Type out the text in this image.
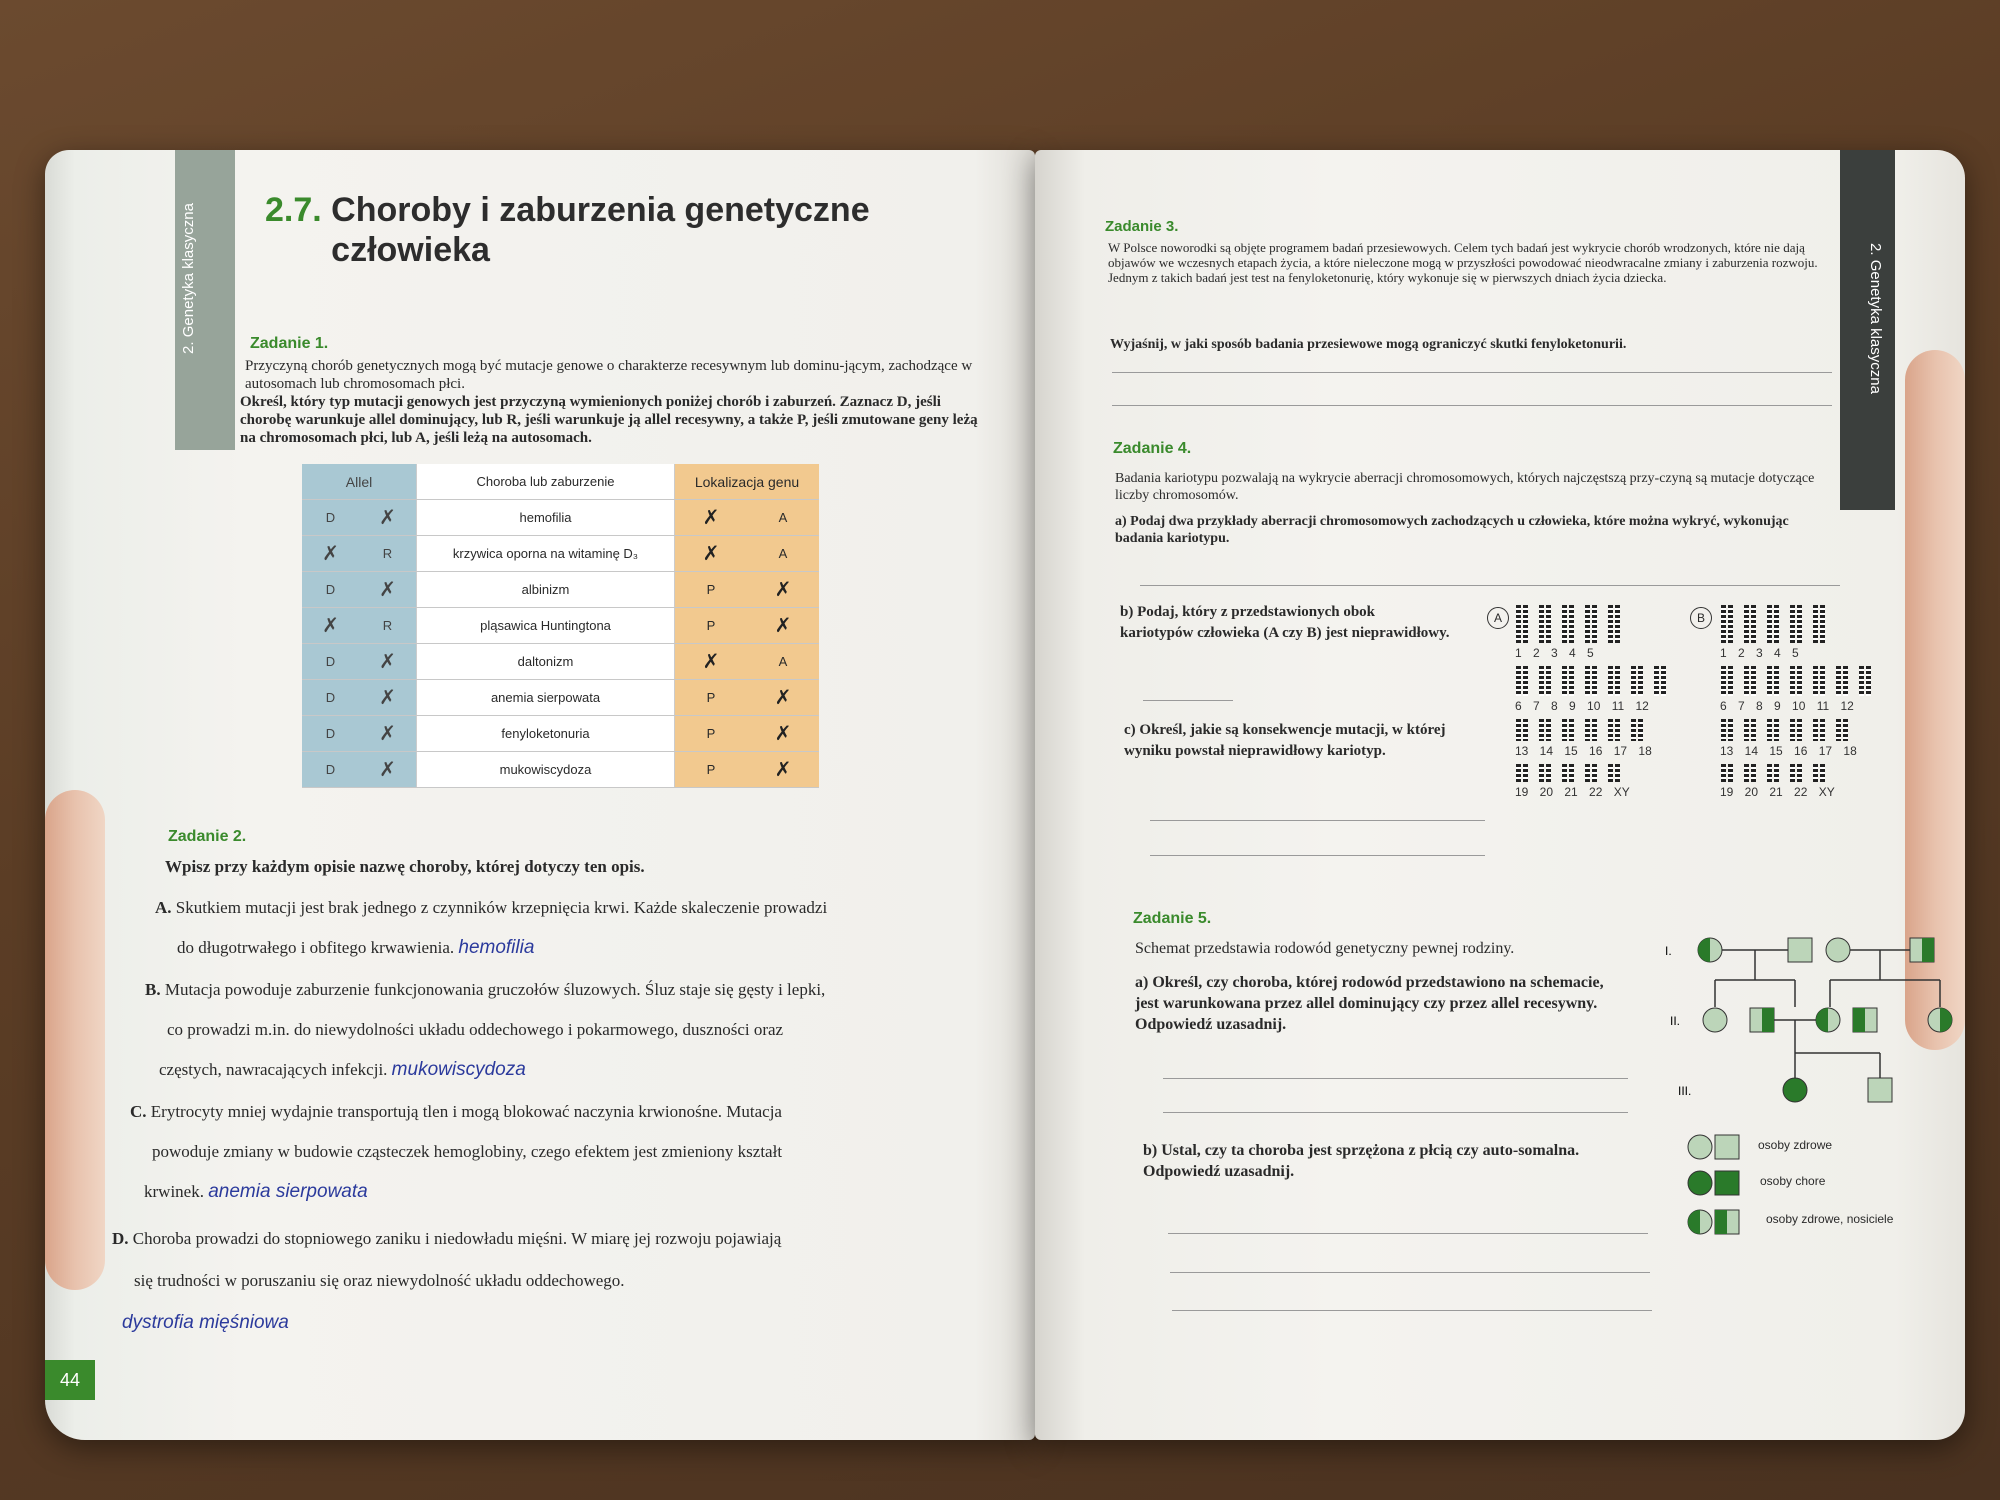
2. Genetyka klasyczna
44
2.7. Choroby i zaburzenia genetyczne człowieka
Zadanie 1.
Przyczyną chorób genetycznych mogą być mutacje genowe o charakterze recesywnym lub dominu-jącym, zachodzące w autosomach lub chromosomach płci.
Określ, który typ mutacji genowych jest przyczyną wymienionych poniżej chorób i zaburzeń. Zaznacz D, jeśli chorobę warunkuje allel dominujący, lub R, jeśli warunkuje ją allel recesywny, a także P, jeśli zmutowane geny leżą na chromosomach płci, lub A, jeśli leżą na autosomach.
Allel		Choroba lub zaburzenie	Lokalizacja genu	
D	✗	hemofilia	✗	A
✗	R	krzywica oporna na witaminę D₃	✗	A
D	✗	albinizm	P	✗
✗	R	pląsawica Huntingtona	P	✗
D	✗	daltonizm	✗	A
D	✗	anemia sierpowata	P	✗
D	✗	fenyloketonuria	P	✗
D	✗	mukowiscydoza	P	✗
Zadanie 2.
Wpisz przy każdym opisie nazwę choroby, której dotyczy ten opis.
A. Skutkiem mutacji jest brak jednego z czynników krzepnięcia krwi. Każde skaleczenie prowadzi
do długotrwałego i obfitego krwawienia. hemofilia
B. Mutacja powoduje zaburzenie funkcjonowania gruczołów śluzowych. Śluz staje się gęsty i lepki,
co prowadzi m.in. do niewydolności układu oddechowego i pokarmowego, duszności oraz
częstych, nawracających infekcji. mukowiscydoza
C. Erytrocyty mniej wydajnie transportują tlen i mogą blokować naczynia krwionośne. Mutacja
powoduje zmiany w budowie cząsteczek hemoglobiny, czego efektem jest zmieniony kształt
krwinek. anemia sierpowata
D. Choroba prowadzi do stopniowego zaniku i niedowładu mięśni. W miarę jej rozwoju pojawiają
się trudności w poruszaniu się oraz niewydolność układu oddechowego.
dystrofia mięśniowa
2. Genetyka klasyczna
Zadanie 3.
W Polsce noworodki są objęte programem badań przesiewowych. Celem tych badań jest wykrycie chorób wrodzonych, które nie dają objawów we wczesnych etapach życia, a które nieleczone mogą w przyszłości powodować nieodwracalne zmiany i zaburzenia rozwoju. Jednym z takich badań jest test na fenyloketonurię, który wykonuje się w pierwszych dniach życia dziecka.
Wyjaśnij, w jaki sposób badania przesiewowe mogą ograniczyć skutki fenyloketonurii.
Zadanie 4.
Badania kariotypu pozwalają na wykrycie aberracji chromosomowych, których najczęstszą przy-czyną są mutacje dotyczące liczby chromosomów.
a) Podaj dwa przykłady aberracji chromosomowych zachodzących u człowieka, które można wykryć, wykonując badania kariotypu.
b) Podaj, który z przedstawionych obok kariotypów człowieka (A czy B) jest nieprawidłowy.
c) Określ, jakie są konsekwencje mutacji, w której wyniku powstał nieprawidłowy kariotyp.
A	B
1 2 3 4 5
6 7 8 9 10 11 12
13 14 15 16 17 18
19 20 21 22 XY
1 2 3 4 5
6 7 8 9 10 11 12
13 14 15 16 17 18
19 20 21 22 XY
Zadanie 5.
Schemat przedstawia rodowód genetyczny pewnej rodziny.
a) Określ, czy choroba, której rodowód przedstawiono na schemacie, jest warunkowana przez allel dominujący czy przez allel recesywny. Odpowiedź uzasadnij.
b) Ustal, czy ta choroba jest sprzężona z płcią czy auto-somalna. Odpowiedź uzasadnij.
I.
II.
III.
osoby zdrowe
osoby chore
osoby zdrowe, nosiciele
